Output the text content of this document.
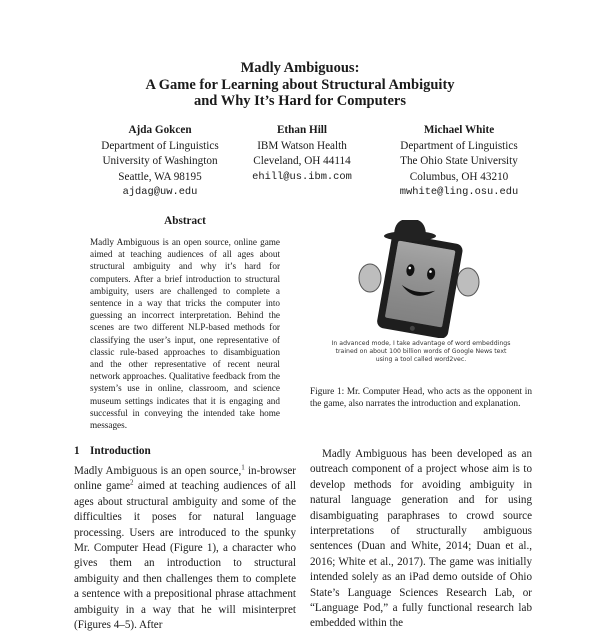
Madly Ambiguous:
A Game for Learning about Structural Ambiguity
and Why It’s Hard for Computers
Ajda Gokcen
Department of Linguistics
University of Washington
Seattle, WA 98195
ajdag@uw.edu
Ethan Hill
IBM Watson Health
Cleveland, OH 44114
ehill@us.ibm.com
Michael White
Department of Linguistics
The Ohio State University
Columbus, OH 43210
mwhite@ling.osu.edu
Abstract
Madly Ambiguous is an open source, online game aimed at teaching audiences of all ages about structural ambiguity and why it’s hard for computers. After a brief introduction to structural ambiguity, users are challenged to complete a sentence in a way that tricks the computer into guessing an incorrect interpretation. Behind the scenes are two different NLP-based methods for classifying the user’s input, one representative of classic rule-based approaches to disambiguation and the other representative of recent neural network approaches. Qualitative feedback from the system’s use in online, classroom, and science museum settings indicates that it is engaging and successful in conveying the intended take home messages.
1 Introduction

Madly Ambiguous is an open source,$^1$ in-browser online game$^2$ aimed at teaching audiences of all ages about structural ambiguity and some of the difficulties it poses for natural language processing. Users are introduced to the spunky Mr. Computer Head (Figure 1), a character who gives them an introduction to structural ambiguity and then challenges them to complete a sentence with a prepositional phrase attachment ambiguity in a way that he will misinterpret (Figures 4–5). After

In advanced mode, I take advantage of word embeddings
trained on about 100 billion words of Google News text
using a tool called word2vec.
Figure 1: Mr. Computer Head, who acts as the opponent in the game, also narrates the introduction and explanation.

Madly Ambiguous has been developed as an outreach component of a project whose aim is to develop methods for avoiding ambiguity in natural language generation and for using disambiguating paraphrases to crowd source interpretations of structurally ambiguous sentences (Duan and White, 2014; Duan et al., 2016; White et al., 2017). The game was initially intended solely as an iPad demo outside of Ohio State’s Language Sciences Research Lab, or “Language Pod,” a fully functional research lab embedded within the
